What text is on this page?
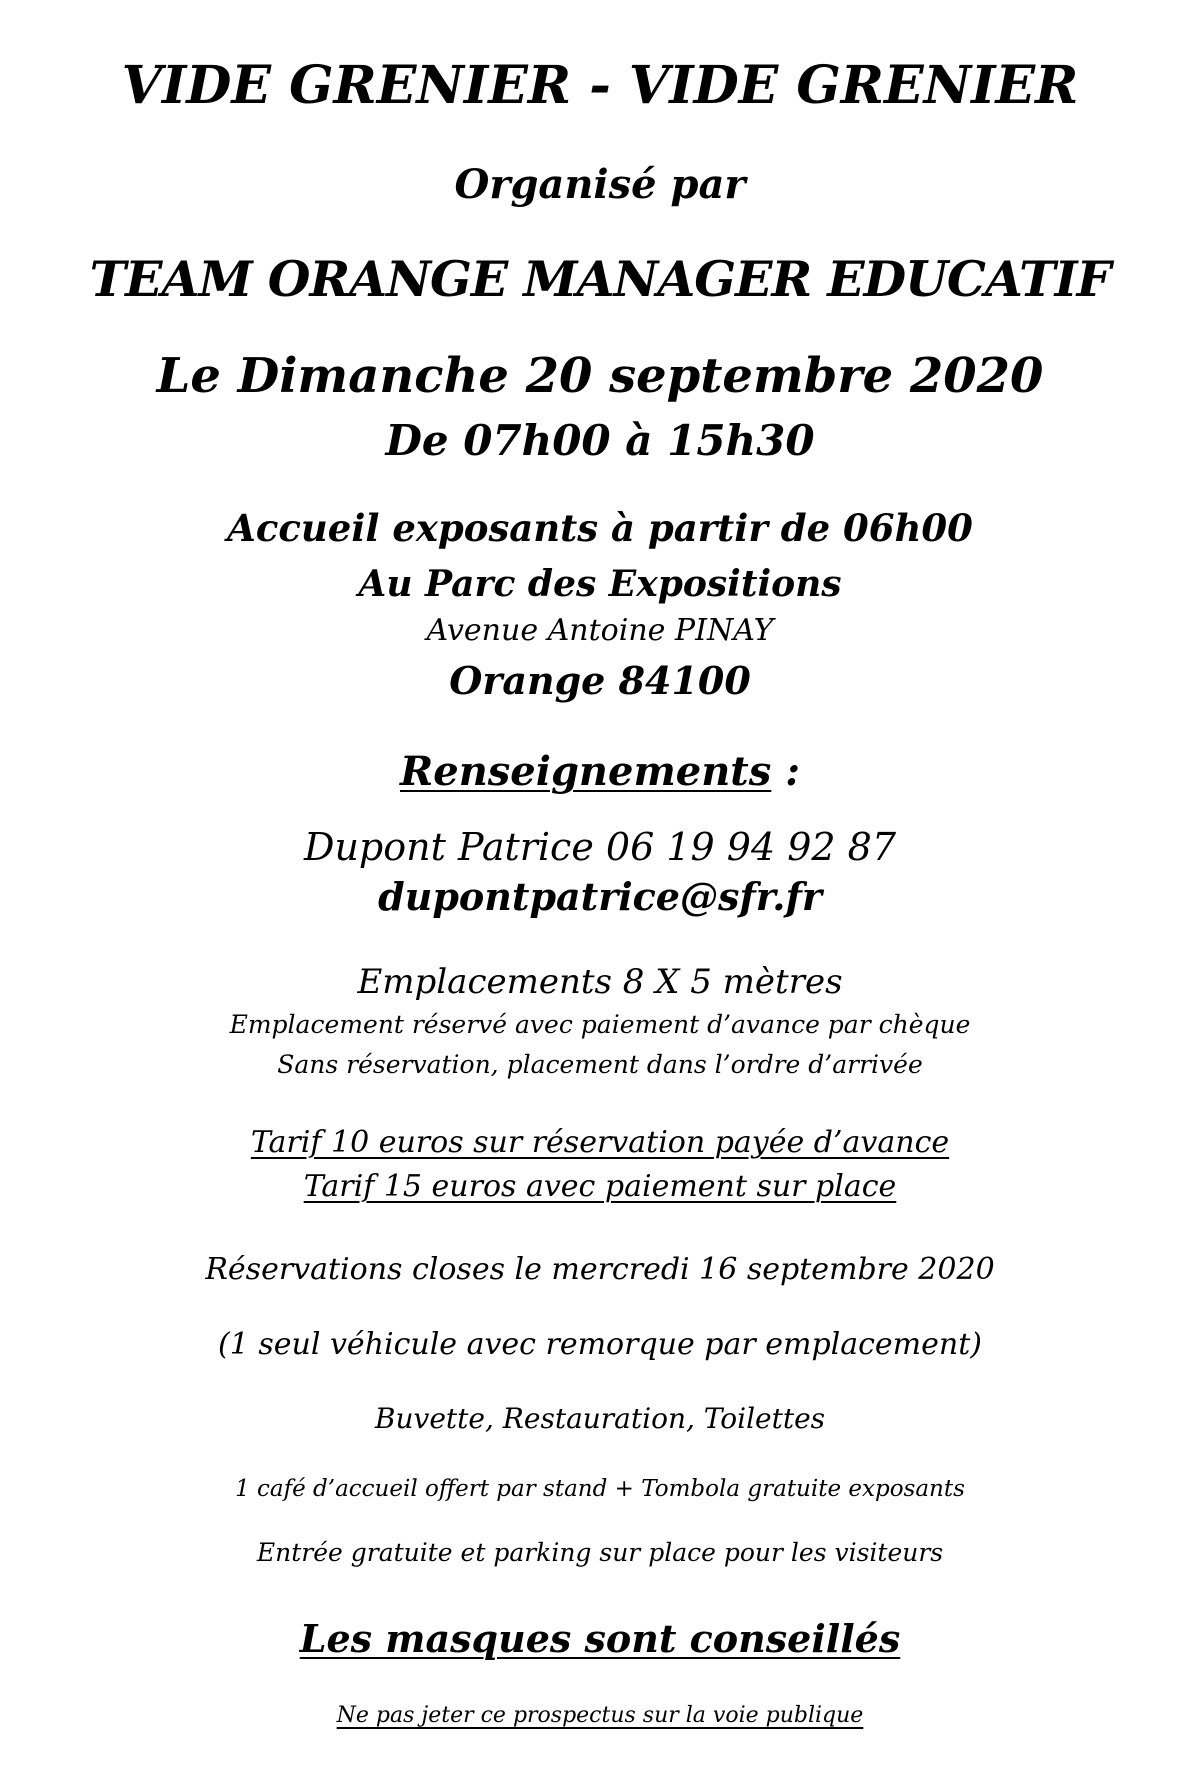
VIDE GRENIER - VIDE GRENIER
Organisé par
TEAM ORANGE MANAGER EDUCATIF
Le Dimanche 20 septembre 2020
De 07h00 à 15h30
Accueil exposants à partir de 06h00
Au Parc des Expositions
Avenue Antoine PINAY
Orange 84100
Renseignements :
Dupont Patrice 06 19 94 92 87
dupontpatrice@sfr.fr
Emplacements 8 X 5 mètres
Emplacement réservé avec paiement d’avance par chèque
Sans réservation, placement dans l’ordre d’arrivée
Tarif 10 euros sur réservation payée d’avance
Tarif 15 euros avec paiement sur place
Réservations closes le mercredi 16 septembre 2020
(1 seul véhicule avec remorque par emplacement)
Buvette, Restauration, Toilettes
1 café d’accueil offert par stand + Tombola gratuite exposants
Entrée gratuite et parking sur place pour les visiteurs
Les masques sont conseillés
Ne pas jeter ce prospectus sur la voie publique
